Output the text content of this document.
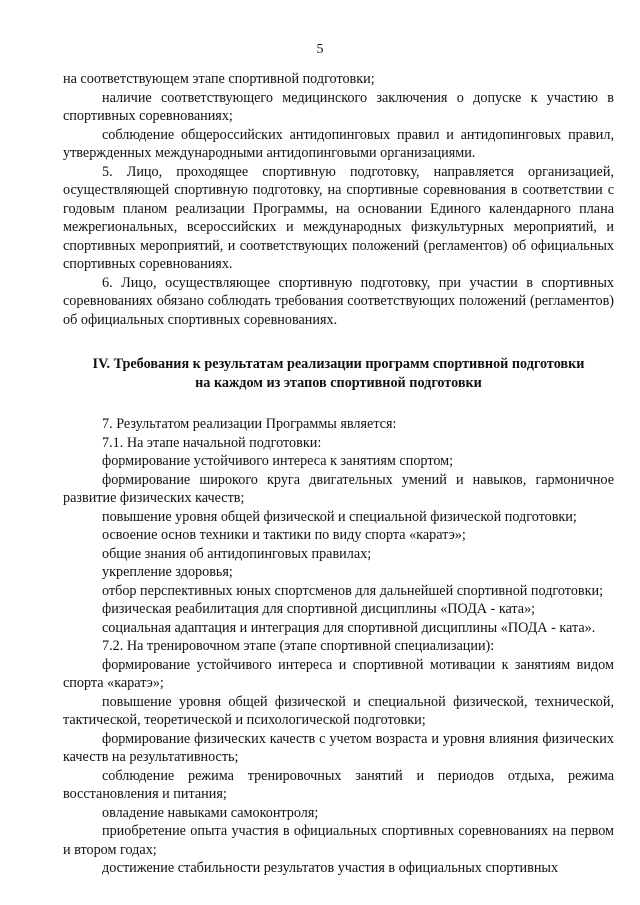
5

на соответствующем этапе спортивной подготовки;

наличие соответствующего медицинского заключения о допуске к участию в спортивных соревнованиях;

соблюдение общероссийских антидопинговых правил и антидопинговых правил, утвержденных международными антидопинговыми организациями.

5. Лицо, проходящее спортивную подготовку, направляется организацией, осуществляющей спортивную подготовку, на спортивные соревнования в соответствии с годовым планом реализации Программы, на основании Единого календарного плана межрегиональных, всероссийских и международных физкультурных мероприятий, и спортивных мероприятий, и соответствующих положений (регламентов) об официальных спортивных соревнованиях.

6. Лицо, осуществляющее спортивную подготовку, при участии в спортивных соревнованиях обязано соблюдать требования соответствующих положений (регламентов) об официальных спортивных соревнованиях.

IV. Требования к результатам реализации программ спортивной подготовки
на каждом из этапов спортивной подготовки

7. Результатом реализации Программы является:

7.1. На этапе начальной подготовки:

формирование устойчивого интереса к занятиям спортом;

формирование широкого круга двигательных умений и навыков, гармоничное развитие физических качеств;

повышение уровня общей физической и специальной физической подготовки;

освоение основ техники и тактики по виду спорта «каратэ»;

общие знания об антидопинговых правилах;

укрепление здоровья;

отбор перспективных юных спортсменов для дальнейшей спортивной подготовки;

физическая реабилитация для спортивной дисциплины «ПОДА - ката»;

социальная адаптация и интеграция для спортивной дисциплины «ПОДА - ката».

7.2. На тренировочном этапе (этапе спортивной специализации):

формирование устойчивого интереса и спортивной мотивации к занятиям видом спорта «каратэ»;

повышение уровня общей физической и специальной физической, технической, тактической, теоретической и психологической подготовки;

формирование физических качеств с учетом возраста и уровня влияния физических качеств на результативность;

соблюдение режима тренировочных занятий и периодов отдыха, режима восстановления и питания;

овладение навыками самоконтроля;

приобретение опыта участия в официальных спортивных соревнованиях на первом и втором годах;

достижение стабильности результатов участия в официальных спортивных
